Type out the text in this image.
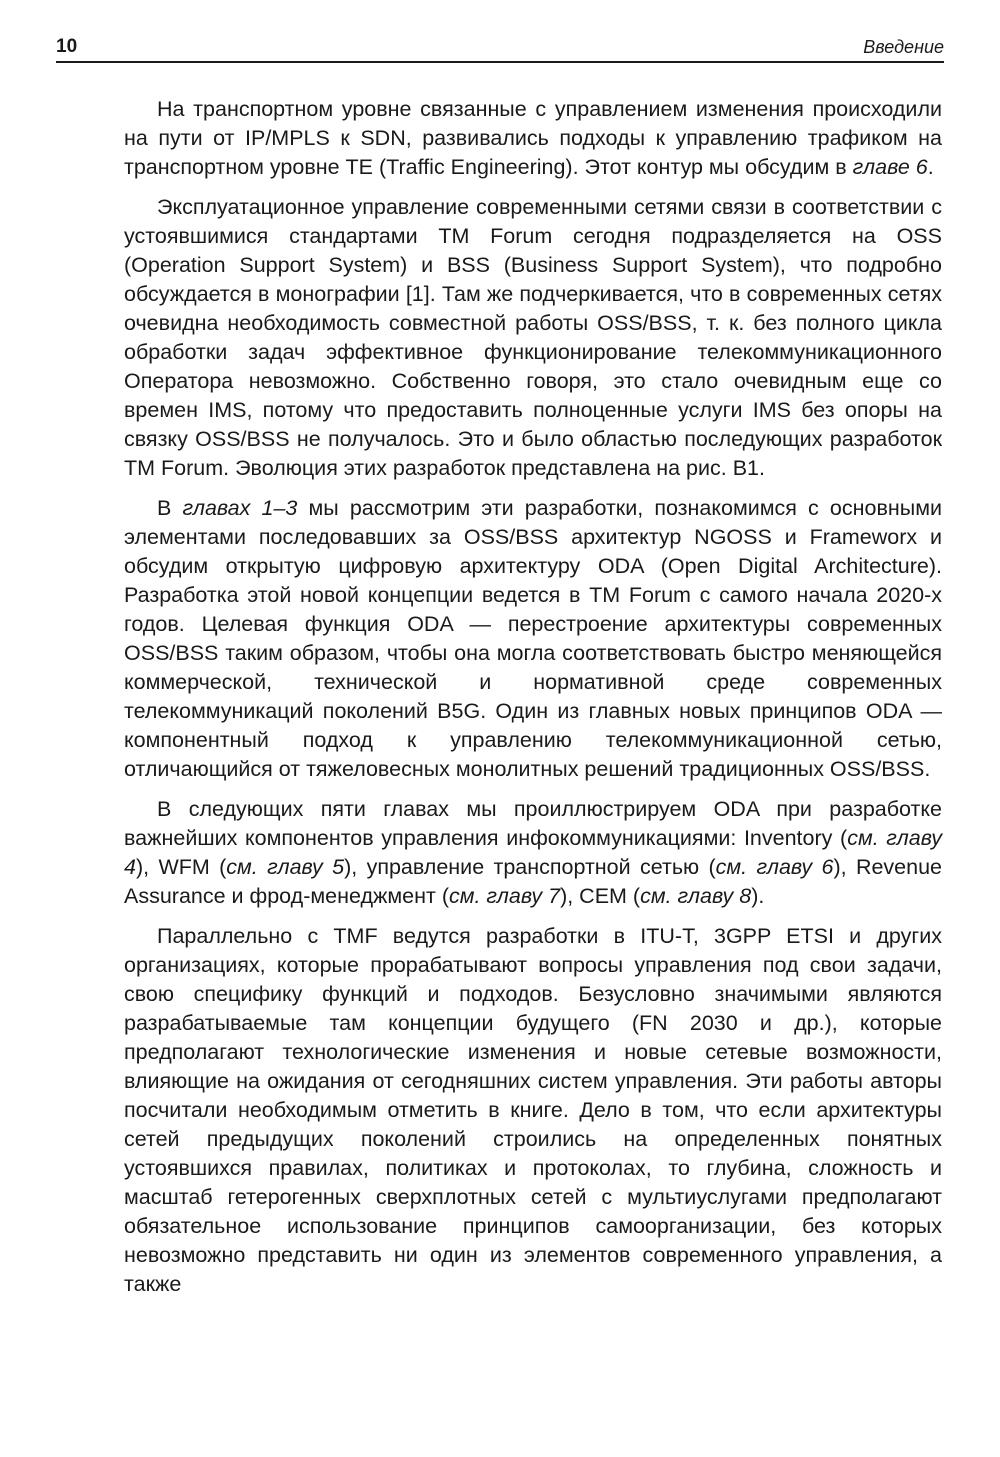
10	Введение

На транспортном уровне связанные с управлением изменения происходили на пути от IP/MPLS к SDN, развивались подходы к управлению трафиком на транспортном уровне TE (Traffic Engineering). Этот контур мы обсудим в главе 6.

Эксплуатационное управление современными сетями связи в соответствии с устоявшимися стандартами TM Forum сегодня подразделяется на OSS (Operation Support System) и BSS (Business Support System), что подробно обсуждается в монографии [1]. Там же подчеркивается, что в современных сетях очевидна необходимость совместной работы OSS/BSS, т. к. без полного цикла обработки задач эффективное функционирование телекоммуникационного Оператора невозможно. Собственно говоря, это стало очевидным еще со времен IMS, потому что предоставить полноценные услуги IMS без опоры на связку OSS/BSS не получалось. Это и было областью последующих разработок TM Forum. Эволюция этих разработок представлена на рис. В1.

В главах 1–3 мы рассмотрим эти разработки, познакомимся с основными элементами последовавших за OSS/BSS архитектур NGOSS и Frameworx и обсудим открытую цифровую архитектуру ODA (Open Digital Architecture). Разработка этой новой концепции ведется в TM Forum с самого начала 2020-х годов. Целевая функция ODA — перестроение архитектуры современных OSS/BSS таким образом, чтобы она могла соответствовать быстро меняющейся коммерческой, технической и нормативной среде современных телекоммуникаций поколений B5G. Один из главных новых принципов ODA — компонентный подход к управлению телекоммуникационной сетью, отличающийся от тяжеловесных монолитных решений традиционных OSS/BSS.

В следующих пяти главах мы проиллюстрируем ODA при разработке важнейших компонентов управления инфокоммуникациями: Inventory (см. главу 4), WFM (см. главу 5), управление транспортной сетью (см. главу 6), Revenue Assurance и фрод-менеджмент (см. главу 7), CEM (см. главу 8).

Параллельно с TMF ведутся разработки в ITU-T, 3GPP ETSI и других организациях, которые прорабатывают вопросы управления под свои задачи, свою специфику функций и подходов. Безусловно значимыми являются разрабатываемые там концепции будущего (FN 2030 и др.), которые предполагают технологические изменения и новые сетевые возможности, влияющие на ожидания от сегодняшних систем управления. Эти работы авторы посчитали необходимым отметить в книге. Дело в том, что если архитектуры сетей предыдущих поколений строились на определенных понятных устоявшихся правилах, политиках и протоколах, то глубина, сложность и масштаб гетерогенных сверхплотных сетей с мультиуслугами предполагают обязательное использование принципов самоорганизации, без которых невозможно представить ни один из элементов современного управления, а также
